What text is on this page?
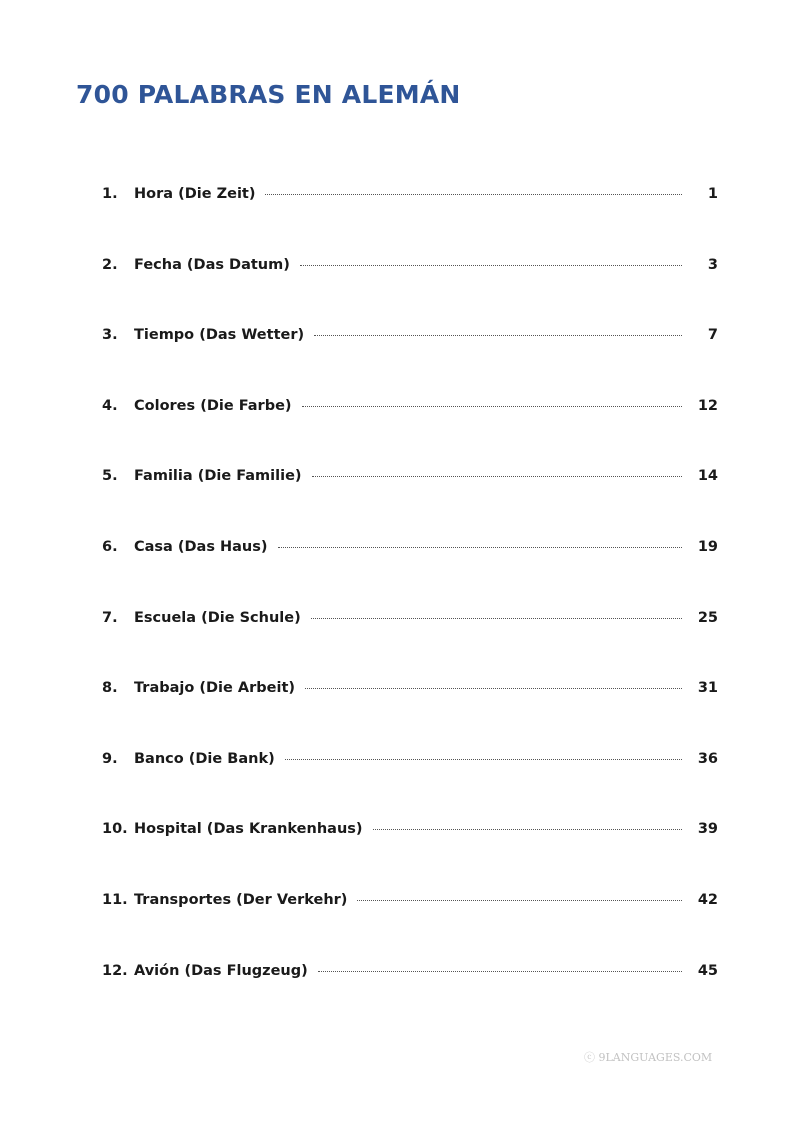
700 PALABRAS EN ALEMÁN
1.	Hora (Die Zeit)	1
2.	Fecha (Das Datum)	3
3.	Tiempo (Das Wetter)	7
4.	Colores (Die Farbe)	12
5.	Familia (Die Familie)	14
6.	Casa (Das Haus)	19
7.	Escuela (Die Schule)	25
8.	Trabajo (Die Arbeit)	31
9.	Banco (Die Bank)	36
10. Hospital (Das Krankenhaus)	39
11. Transportes (Der Verkehr)	42
12. Avión (Das Flugzeug)	45
ⓒ 9LANGUAGES.COM
